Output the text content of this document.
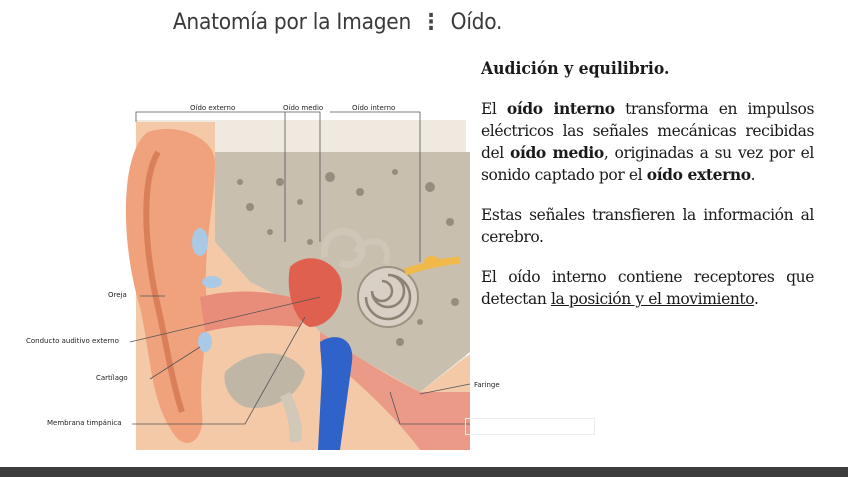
Anatomía por la Imagen ⋮ Oído.
Oído externo	Oído medio	Oído interno
Oreja
Conducto auditivo externo
Cartílago
Membrana timpánica
Faringe
Audición y equilibrio.

El oído interno transforma en impulsos eléctricos las señales mecánicas recibidas del oído medio, originadas a su vez por el sonido captado por el oído externo.

Estas señales transfieren la información al cerebro.

El oído interno contiene receptores que detectan la posición y el movimiento.
